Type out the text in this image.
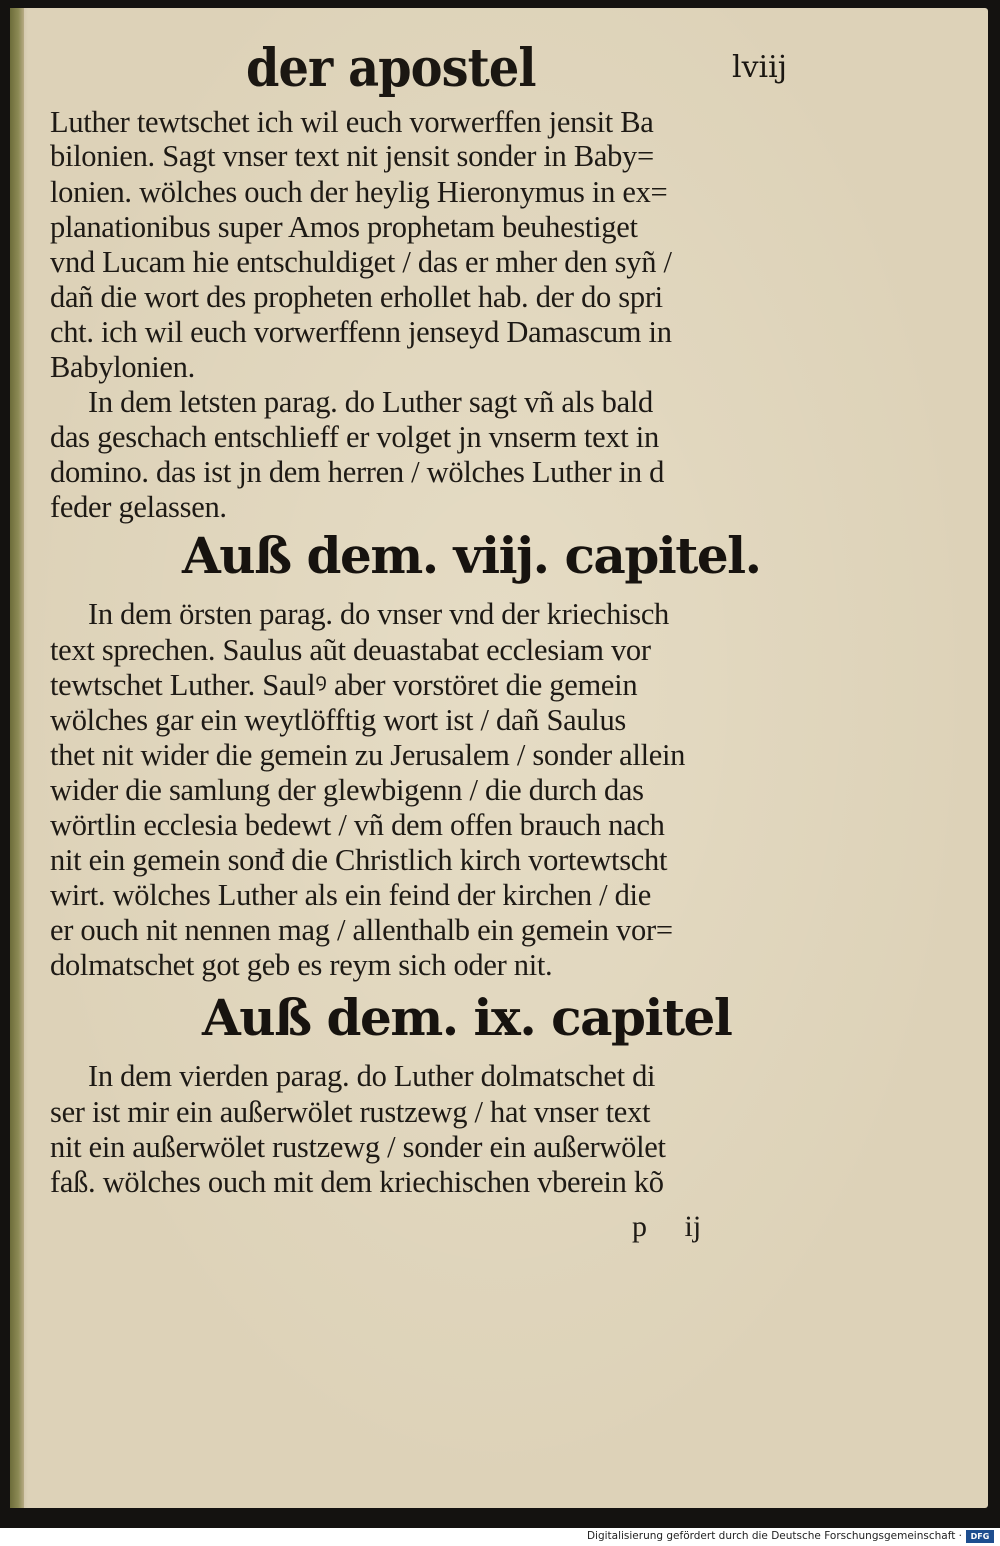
der apostel	lviij
Luther tewtschet ich wil euch vorwerffen jensit Ba
bilonien. Sagt vnser text nit jensit sonder in Baby=
lonien. wölches ouch der heylig Hieronymus in ex=
planationibus super Amos prophetam beuhestiget
vnd Lucam hie entschuldiget / das er mher den syñ /
dañ die wort des propheten erhollet hab. der do spri
cht. ich wil euch vorwerffenn jenseyd Damascum in
Babylonien.
In dem letsten parag. do Luther sagt vñ als bald
das geschach entschlieff er volget jn vnserm text in
domino. das ist jn dem herren / wölches Luther in d
feder gelassen.
Auß dem. viij. capitel.
In dem örsten parag. do vnser vnd der kriechisch
text sprechen. Saulus aũt deuastabat ecclesiam vor
tewtschet Luther. Saulꝰ aber vorstöret die gemein
wölches gar ein weytlöfftig wort ist / dañ Saulus
thet nit wider die gemein zu Jerusalem / sonder allein
wider die samlung der glewbigenn / die durch das
wörtlin ecclesia bedewt / vñ dem offen brauch nach
nit ein gemein sonđ die Christlich kirch vortewtscht
wirt. wölches Luther als ein feind der kirchen / die
er ouch nit nennen mag / allenthalb ein gemein vor=
dolmatschet got geb es reym sich oder nit.
Auß dem. ix. capitel
In dem vierden parag. do Luther dolmatschet di
ser ist mir ein außerwölet rustzewg / hat vnser text
nit ein außerwölet rustzewg / sonder ein außerwölet
faß. wölches ouch mit dem kriechischen vberein kõ
p ij
Digitalisierung gefördert durch die Deutsche Forschungsgemeinschaft ·	DFG
